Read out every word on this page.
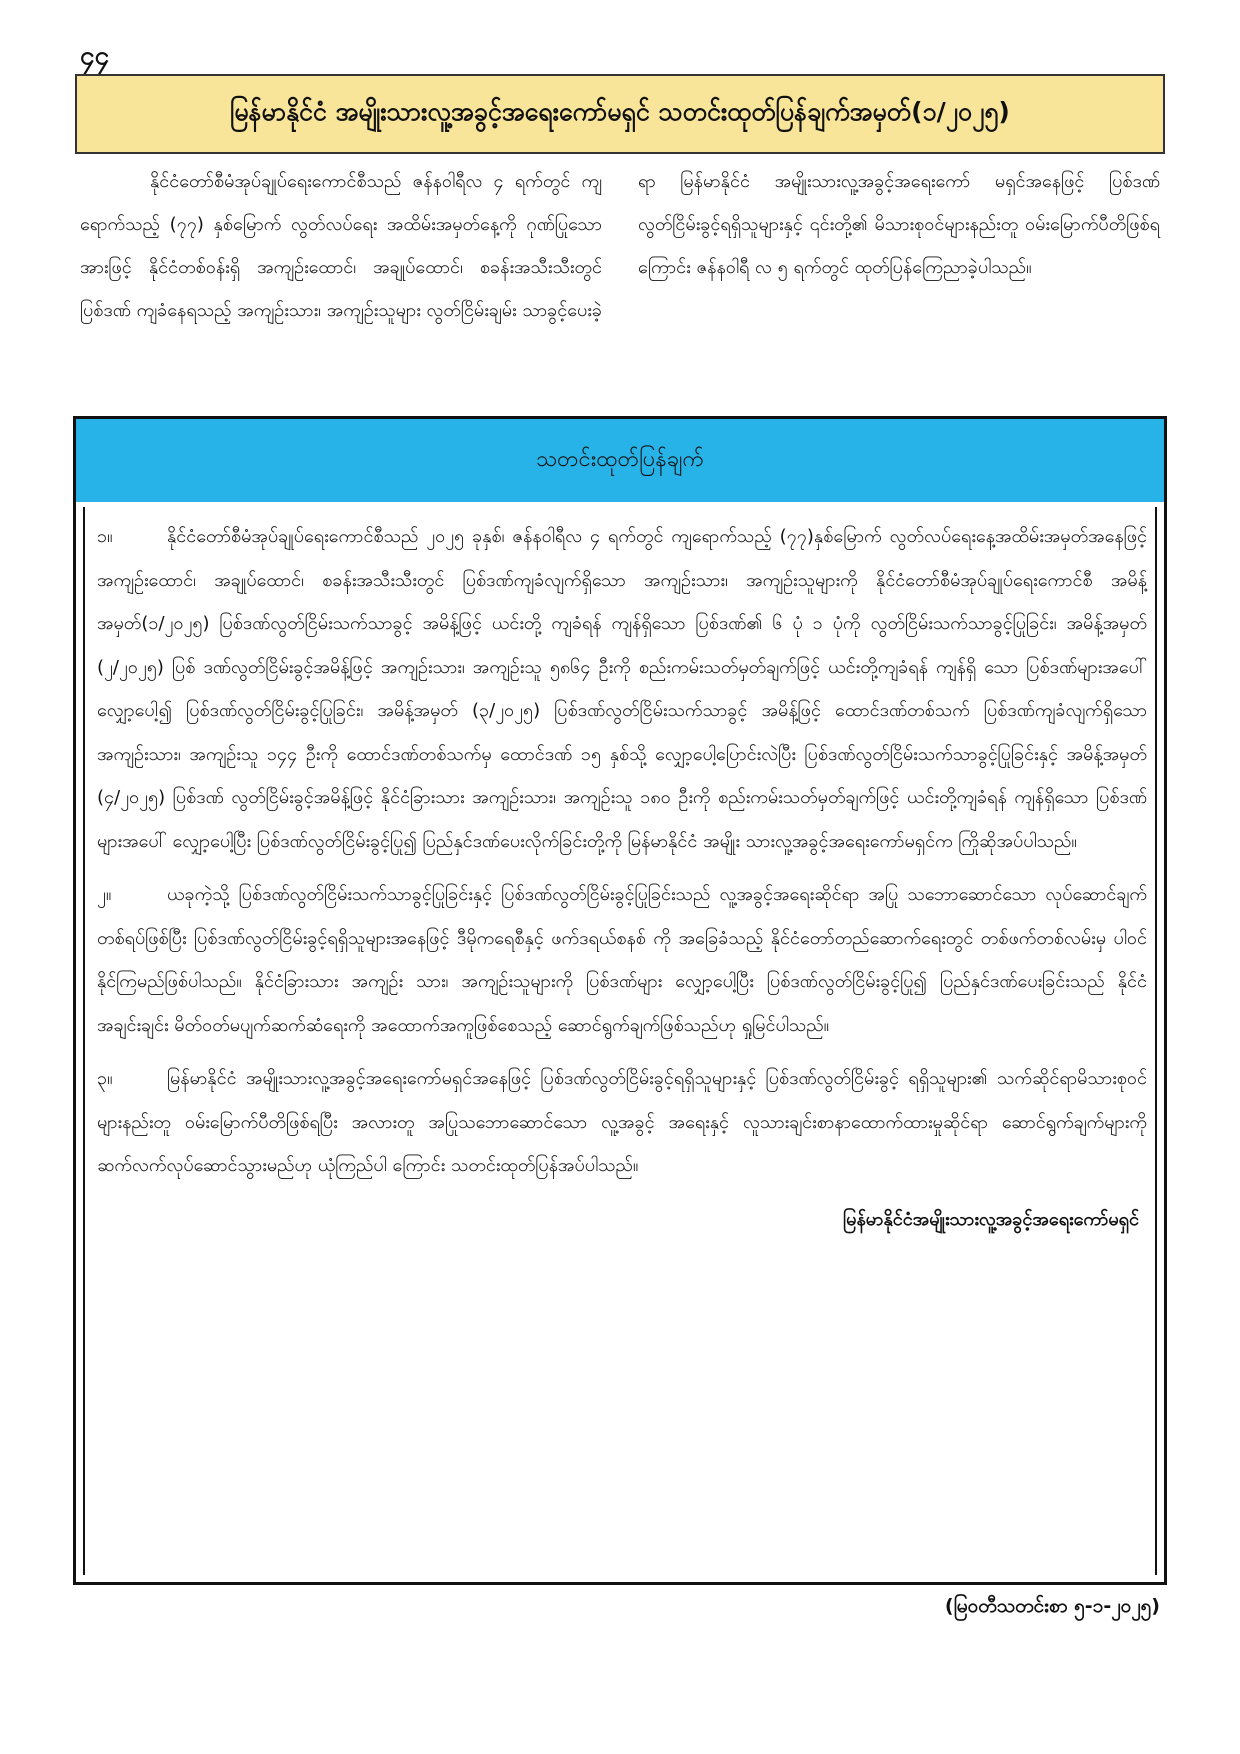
၄၄
မြန်မာနိုင်ငံ အမျိုးသားလူ့အခွင့်အရေးကော်မရှင် သတင်းထုတ်ပြန်ချက်အမှတ်(၁/၂၀၂၅)

နိုင်ငံတော်စီမံအုပ်ချုပ်ရေးကောင်စီသည် ဇန်နဝါရီလ ၄ ရက်တွင် ကျရောက်သည့် (၇၇) နှစ်မြောက် လွတ်လပ်ရေး အထိမ်းအမှတ်နေ့ကို ဂုဏ်ပြုသောအားဖြင့် နိုင်ငံတစ်ဝန်းရှိ အကျဉ်းထောင်၊ အချုပ်ထောင်၊ စခန်းအသီးသီးတွင် ပြစ်ဒဏ် ကျခံနေရသည့် အကျဉ်းသား၊ အကျဉ်းသူများ လွတ်ငြိမ်းချမ်း သာခွင့်ပေးခဲ့ရာ မြန်မာနိုင်ငံ အမျိုးသားလူ့အခွင့်အရေးကော် မရှင်အနေဖြင့် ပြစ်ဒဏ်လွတ်ငြိမ်းခွင့်ရရှိသူများနှင့် ၎င်းတို့၏ မိသားစုဝင်များနည်းတူ ဝမ်းမြောက်ပီတိဖြစ်ရကြောင်း ဇန်နဝါရီ လ ၅ ရက်တွင် ထုတ်ပြန်ကြေညာခဲ့ပါသည်။

သတင်းထုတ်ပြန်ချက်
၁။	နိုင်ငံတော်စီမံအုပ်ချုပ်ရေးကောင်စီသည် ၂၀၂၅ ခုနှစ်၊ ဇန်နဝါရီလ ၄ ရက်တွင် ကျရောက်သည့် (၇၇)နှစ်မြောက် လွတ်လပ်ရေးနေ့အထိမ်းအမှတ်အနေဖြင့် အကျဉ်းထောင်၊ အချုပ်ထောင်၊ စခန်းအသီးသီးတွင် ပြစ်ဒဏ်ကျခံလျက်ရှိသော အကျဉ်းသား၊ အကျဉ်းသူများကို နိုင်ငံတော်စီမံအုပ်ချုပ်ရေးကောင်စီ အမိန့်အမှတ်(၁/၂၀၂၅) ပြစ်ဒဏ်လွတ်ငြိမ်းသက်သာခွင့် အမိန့်ဖြင့် ယင်းတို့ ကျခံရန် ကျန်ရှိသော ပြစ်ဒဏ်၏ ၆ ပုံ ၁ ပုံကို လွတ်ငြိမ်းသက်သာခွင့်ပြုခြင်း၊ အမိန့်အမှတ် (၂/၂၀၂၅) ပြစ် ဒဏ်လွတ်ငြိမ်းခွင့်အမိန့်ဖြင့် အကျဉ်းသား၊ အကျဉ်းသူ ၅၈၆၄ ဦးကို စည်းကမ်းသတ်မှတ်ချက်ဖြင့် ယင်းတို့ကျခံရန် ကျန်ရှိ သော ပြစ်ဒဏ်များအပေါ် လျှော့ပေါ့၍ ပြစ်ဒဏ်လွတ်ငြိမ်းခွင့်ပြုခြင်း၊ အမိန့်အမှတ် (၃/၂၀၂၅) ပြစ်ဒဏ်လွတ်ငြိမ်းသက်သာခွင့် အမိန့်ဖြင့် ထောင်ဒဏ်တစ်သက် ပြစ်ဒဏ်ကျခံလျက်ရှိသော အကျဉ်းသား၊ အကျဉ်းသူ ၁၄၄ ဦးကို ထောင်ဒဏ်တစ်သက်မှ ထောင်ဒဏ် ၁၅ နှစ်သို့ လျှော့ပေါ့ပြောင်းလဲပြီး ပြစ်ဒဏ်လွတ်ငြိမ်းသက်သာခွင့်ပြုခြင်းနှင့် အမိန့်အမှတ် (၄/၂၀၂၅) ပြစ်ဒဏ် လွတ်ငြိမ်းခွင့်အမိန့်ဖြင့် နိုင်ငံခြားသား အကျဉ်းသား၊ အကျဉ်းသူ ၁၈၀ ဦးကို စည်းကမ်းသတ်မှတ်ချက်ဖြင့် ယင်းတို့ကျခံရန် ကျန်ရှိသော ပြစ်ဒဏ်များအပေါ် လျှော့ပေါ့ပြီး ပြစ်ဒဏ်လွတ်ငြိမ်းခွင့်ပြု၍ ပြည်နှင်ဒဏ်ပေးလိုက်ခြင်းတို့ကို မြန်မာနိုင်ငံ အမျိုး သားလူ့အခွင့်အရေးကော်မရှင်က ကြိုဆိုအပ်ပါသည်။
၂။	ယခုကဲ့သို့ ပြစ်ဒဏ်လွတ်ငြိမ်းသက်သာခွင့်ပြုခြင်းနှင့် ပြစ်ဒဏ်လွတ်ငြိမ်းခွင့်ပြုခြင်းသည် လူ့အခွင့်အရေးဆိုင်ရာ အပြု သဘောဆောင်သော လုပ်ဆောင်ချက်တစ်ရပ်ဖြစ်ပြီး ပြစ်ဒဏ်လွတ်ငြိမ်းခွင့်ရရှိသူများအနေဖြင့် ဒီမိုကရေစီနှင့် ဖက်ဒရယ်စနစ် ကို အခြေခံသည့် နိုင်ငံတော်တည်ဆောက်ရေးတွင် တစ်ဖက်တစ်လမ်းမှ ပါဝင်နိုင်ကြမည်ဖြစ်ပါသည်။ နိုင်ငံခြားသား အကျဉ်း သား၊ အကျဉ်းသူများကို ပြစ်ဒဏ်များ လျှော့ပေါ့ပြီး ပြစ်ဒဏ်လွတ်ငြိမ်းခွင့်ပြု၍ ပြည်နှင်ဒဏ်ပေးခြင်းသည် နိုင်ငံအချင်းချင်း မိတ်ဝတ်မပျက်ဆက်ဆံရေးကို အထောက်အကူဖြစ်စေသည့် ဆောင်ရွက်ချက်ဖြစ်သည်ဟု ရှုမြင်ပါသည်။
၃။	မြန်မာနိုင်ငံ အမျိုးသားလူ့အခွင့်အရေးကော်မရှင်အနေဖြင့် ပြစ်ဒဏ်လွတ်ငြိမ်းခွင့်ရရှိသူများနှင့် ပြစ်ဒဏ်လွတ်ငြိမ်းခွင့် ရရှိသူများ၏ သက်ဆိုင်ရာမိသားစုဝင်များနည်းတူ ဝမ်းမြောက်ပီတိဖြစ်ရပြီး အလားတူ အပြုသဘောဆောင်သော လူ့အခွင့် အရေးနှင့် လူသားချင်းစာနာထောက်ထားမှုဆိုင်ရာ ဆောင်ရွက်ချက်များကို ဆက်လက်လုပ်ဆောင်သွားမည်ဟု ယုံကြည်ပါ ကြောင်း သတင်းထုတ်ပြန်အပ်ပါသည်။
မြန်မာနိုင်ငံအမျိုးသားလူ့အခွင့်အရေးကော်မရှင်
(မြဝတီသတင်းစာ ၅-၁-၂၀၂၅)
